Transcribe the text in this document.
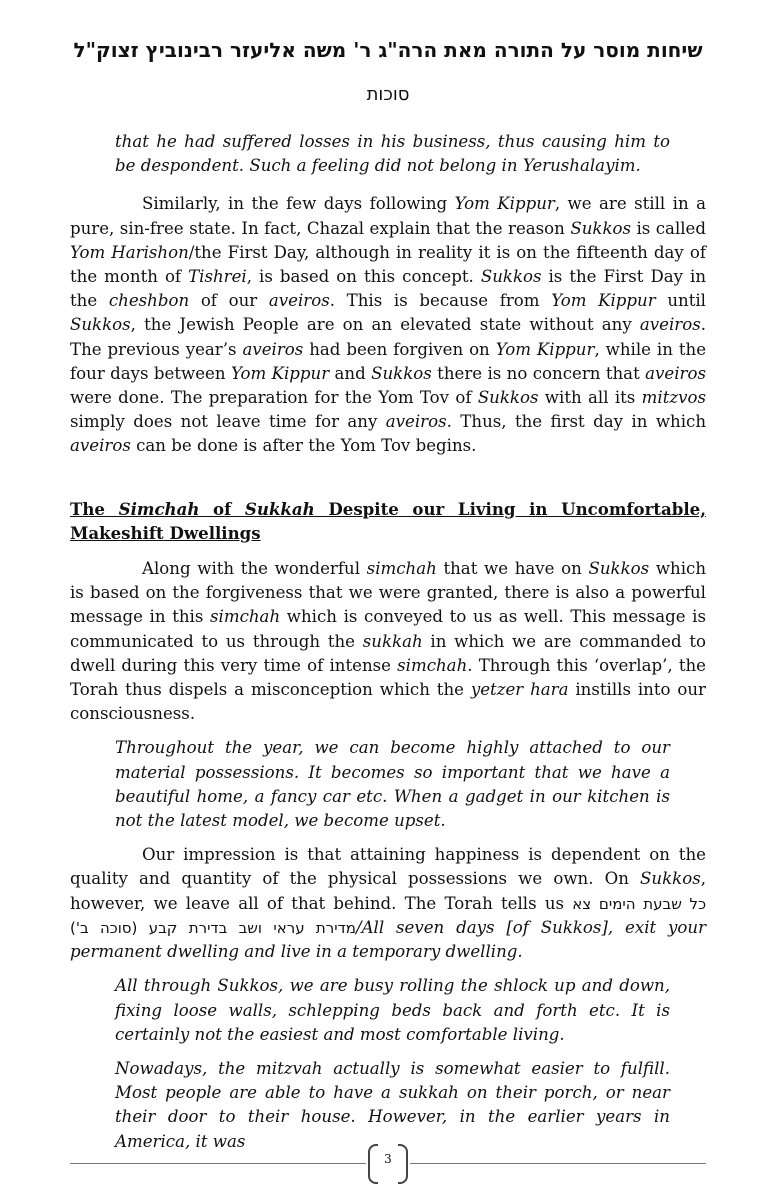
שיחות מוסר על התורה מאת הרה"ג ר' משה אליעזר רבינוביץ זצוק"ל
סוכות

that he had suffered losses in his business, thus causing him to be despondent. Such a feeling did not belong in Yerushalayim.

Similarly, in the few days following Yom Kippur, we are still in a pure, sin-free state. In fact, Chazal explain that the reason Sukkos is called Yom Harishon/the First Day, although in reality it is on the fifteenth day of the month of Tishrei, is based on this concept. Sukkos is the First Day in the cheshbon of our aveiros. This is because from Yom Kippur until Sukkos, the Jewish People are on an elevated state without any aveiros. The previous year’s aveiros had been forgiven on Yom Kippur, while in the four days between Yom Kippur and Sukkos there is no concern that aveiros were done. The preparation for the Yom Tov of Sukkos with all its mitzvos simply does not leave time for any aveiros. Thus, the first day in which aveiros can be done is after the Yom Tov begins.

The Simchah of Sukkah Despite our Living in Uncomfortable, Makeshift Dwellings

Along with the wonderful simchah that we have on Sukkos which is based on the forgiveness that we were granted, there is also a powerful message in this simchah which is conveyed to us as well. This message is communicated to us through the sukkah in which we are commanded to dwell during this very time of intense simchah. Through this ‘overlap’, the Torah thus dispels a misconception which the yetzer hara instills into our consciousness.

Throughout the year, we can become highly attached to our material possessions. It becomes so important that we have a beautiful home, a fancy car etc. When a gadget in our kitchen is not the latest model, we become upset.

Our impression is that attaining happiness is dependent on the quality and quantity of the physical possessions we own. On Sukkos, however, we leave all of that behind. The Torah tells us כל שבעת הימים צא מדירת עראי ושב בדירת קבע (סוכה ב')/All seven days [of Sukkos], exit your permanent dwelling and live in a temporary dwelling.

All through Sukkos, we are busy rolling the shlock up and down, fixing loose walls, schlepping beds back and forth etc. It is certainly not the easiest and most comfortable living.

Nowadays, the mitzvah actually is somewhat easier to fulfill. Most people are able to have a sukkah on their porch, or near their door to their house. However, in the earlier years in America, it was

3
